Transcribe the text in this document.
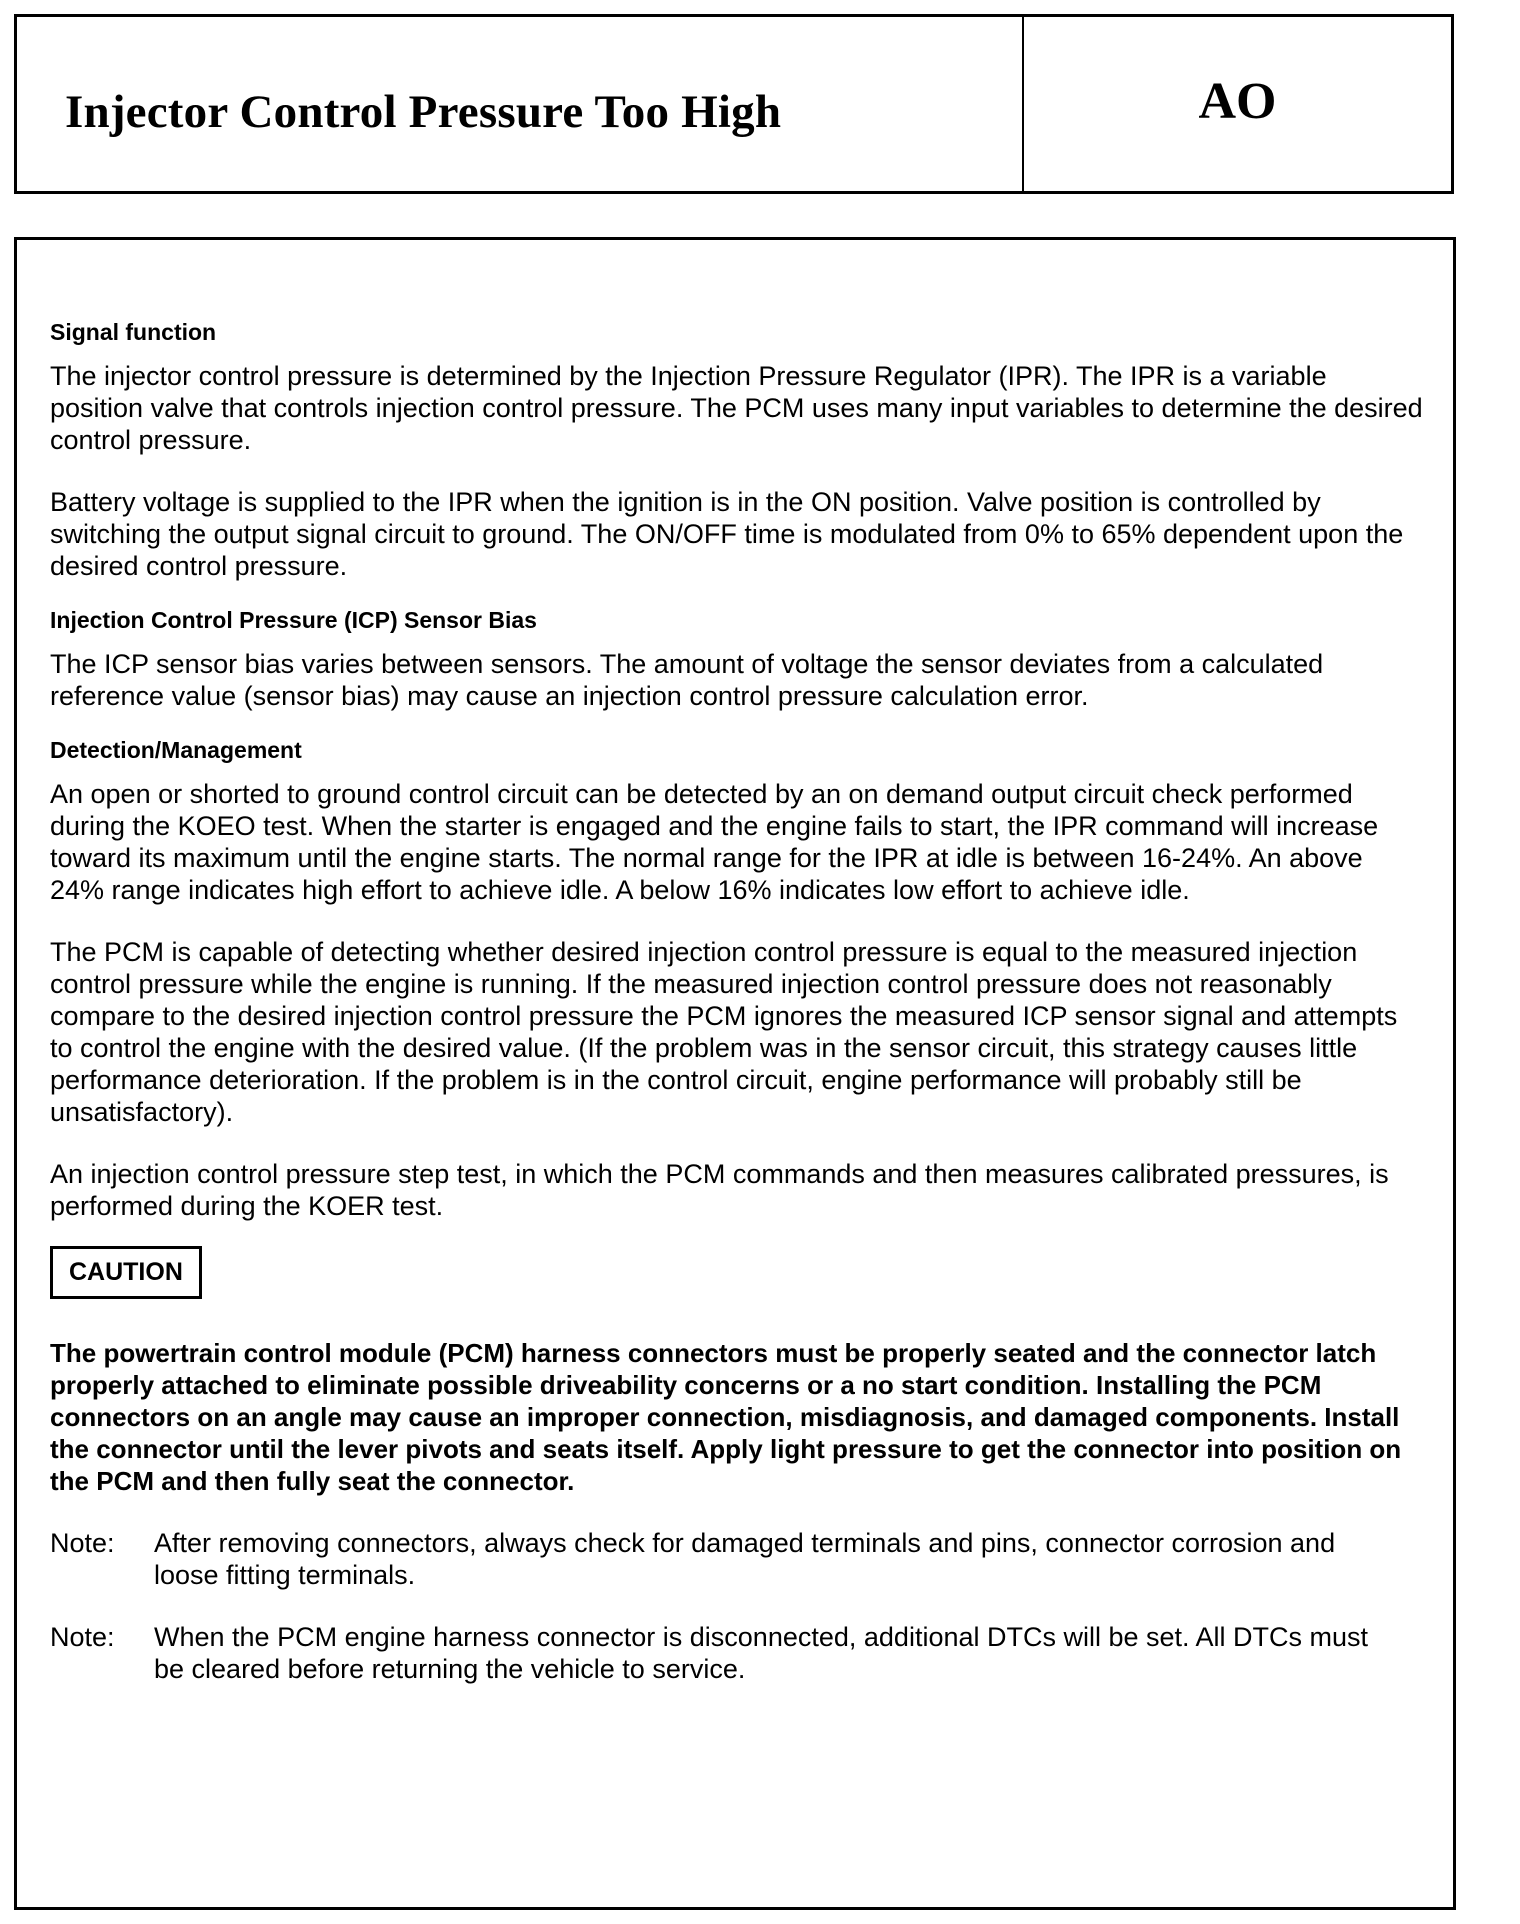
Injector Control Pressure Too High	AO
Signal function

The injector control pressure is determined by the Injection Pressure Regulator (IPR). The IPR is a variable position valve that controls injection control pressure. The PCM uses many input variables to determine the desired control pressure.

Battery voltage is supplied to the IPR when the ignition is in the ON position. Valve position is controlled by switching the output signal circuit to ground. The ON/OFF time is modulated from 0% to 65% dependent upon the desired control pressure.

Injection Control Pressure (ICP) Sensor Bias

The ICP sensor bias varies between sensors. The amount of voltage the sensor deviates from a calculated reference value (sensor bias) may cause an injection control pressure calculation error.

Detection/Management

An open or shorted to ground control circuit can be detected by an on demand output circuit check performed during the KOEO test. When the starter is engaged and the engine fails to start, the IPR command will increase toward its maximum until the engine starts. The normal range for the IPR at idle is between 16-24%. An above 24% range indicates high effort to achieve idle. A below 16% indicates low effort to achieve idle.

The PCM is capable of detecting whether desired injection control pressure is equal to the measured injection control pressure while the engine is running. If the measured injection control pressure does not reasonably compare to the desired injection control pressure the PCM ignores the measured ICP sensor signal and attempts to control the engine with the desired value. (If the problem was in the sensor circuit, this strategy causes little performance deterioration. If the problem is in the control circuit, engine performance will probably still be unsatisfactory).

An injection control pressure step test, in which the PCM commands and then measures calibrated pressures, is performed during the KOER test.

CAUTION

The powertrain control module (PCM) harness connectors must be properly seated and the connector latch properly attached to eliminate possible driveability concerns or a no start condition. Installing the PCM connectors on an angle may cause an improper connection, misdiagnosis, and damaged components. Install the connector until the lever pivots and seats itself. Apply light pressure to get the connector into position on the PCM and then fully seat the connector.

Note:	After removing connectors, always check for damaged terminals and pins, connector corrosion and loose fitting terminals.
Note:	When the PCM engine harness connector is disconnected, additional DTCs will be set. All DTCs must be cleared before returning the vehicle to service.
